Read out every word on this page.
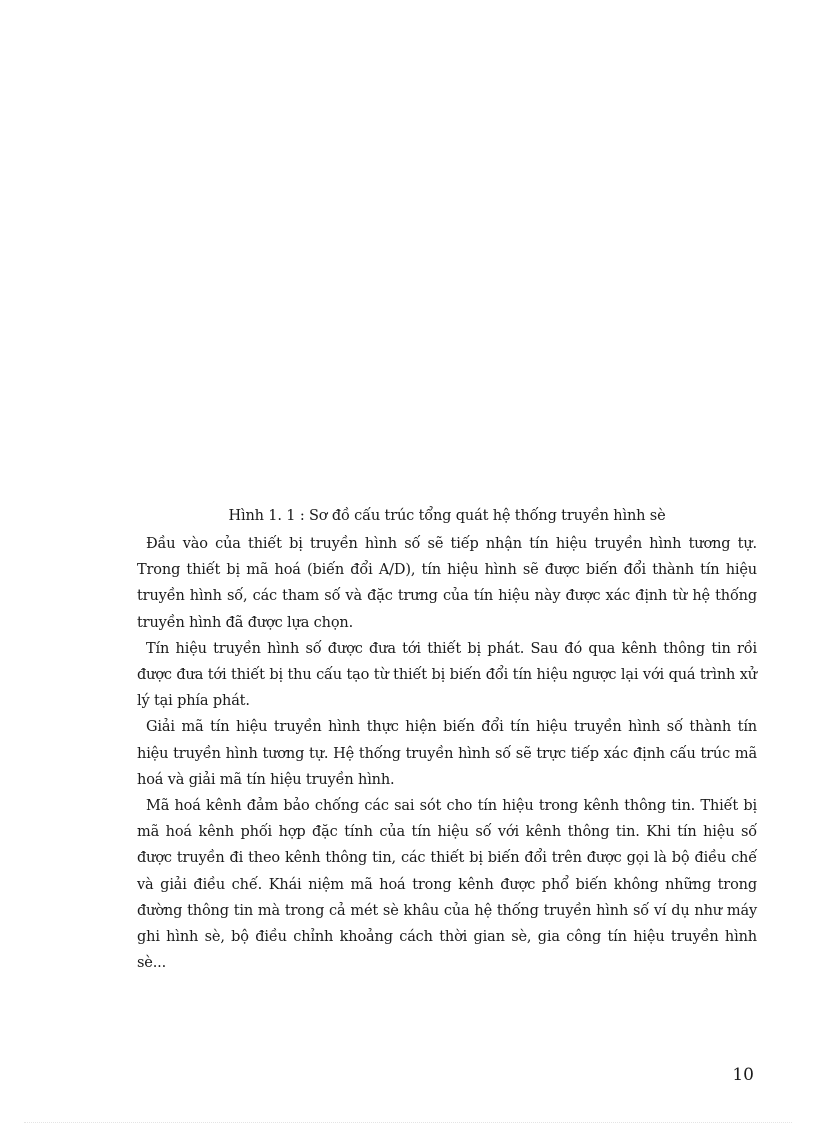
Hình 1. 1 : Sơ đồ cấu trúc tổng quát hệ thống truyền hình sè

Đầu vào của thiết bị truyền hình số sẽ tiếp nhận tín hiệu truyền hình tương tự. Trong thiết bị mã hoá (biến đổi A/D), tín hiệu hình sẽ được biến đổi thành tín hiệu truyền hình số, các tham số và đặc trưng của tín hiệu này được xác định từ hệ thống truyền hình đã được lựa chọn.

Tín hiệu truyền hình số được đưa tới thiết bị phát. Sau đó qua kênh thông tin rồi được đưa tới thiết bị thu cấu tạo từ thiết bị biến đổi tín hiệu ngược lại với quá trình xử lý tại phía phát.

Giải mã tín hiệu truyền hình thực hiện biến đổi tín hiệu truyền hình số thành tín hiệu truyền hình tương tự. Hệ thống truyền hình số sẽ trực tiếp xác định cấu trúc mã hoá và giải mã tín hiệu truyền hình.

Mã hoá kênh đảm bảo chống các sai sót cho tín hiệu trong kênh thông tin. Thiết bị mã hoá kênh phối hợp đặc tính của tín hiệu số với kênh thông tin. Khi tín hiệu số được truyền đi theo kênh thông tin, các thiết bị biến đổi trên được gọi là bộ điều chế và giải điều chế. Khái niệm mã hoá trong kênh được phổ biến không những trong đường thông tin mà trong cả mét sè khâu của hệ thống truyền hình số ví dụ như máy ghi hình sè, bộ điều chỉnh khoảng cách thời gian sè, gia công tín hiệu truyền hình sè...

10
